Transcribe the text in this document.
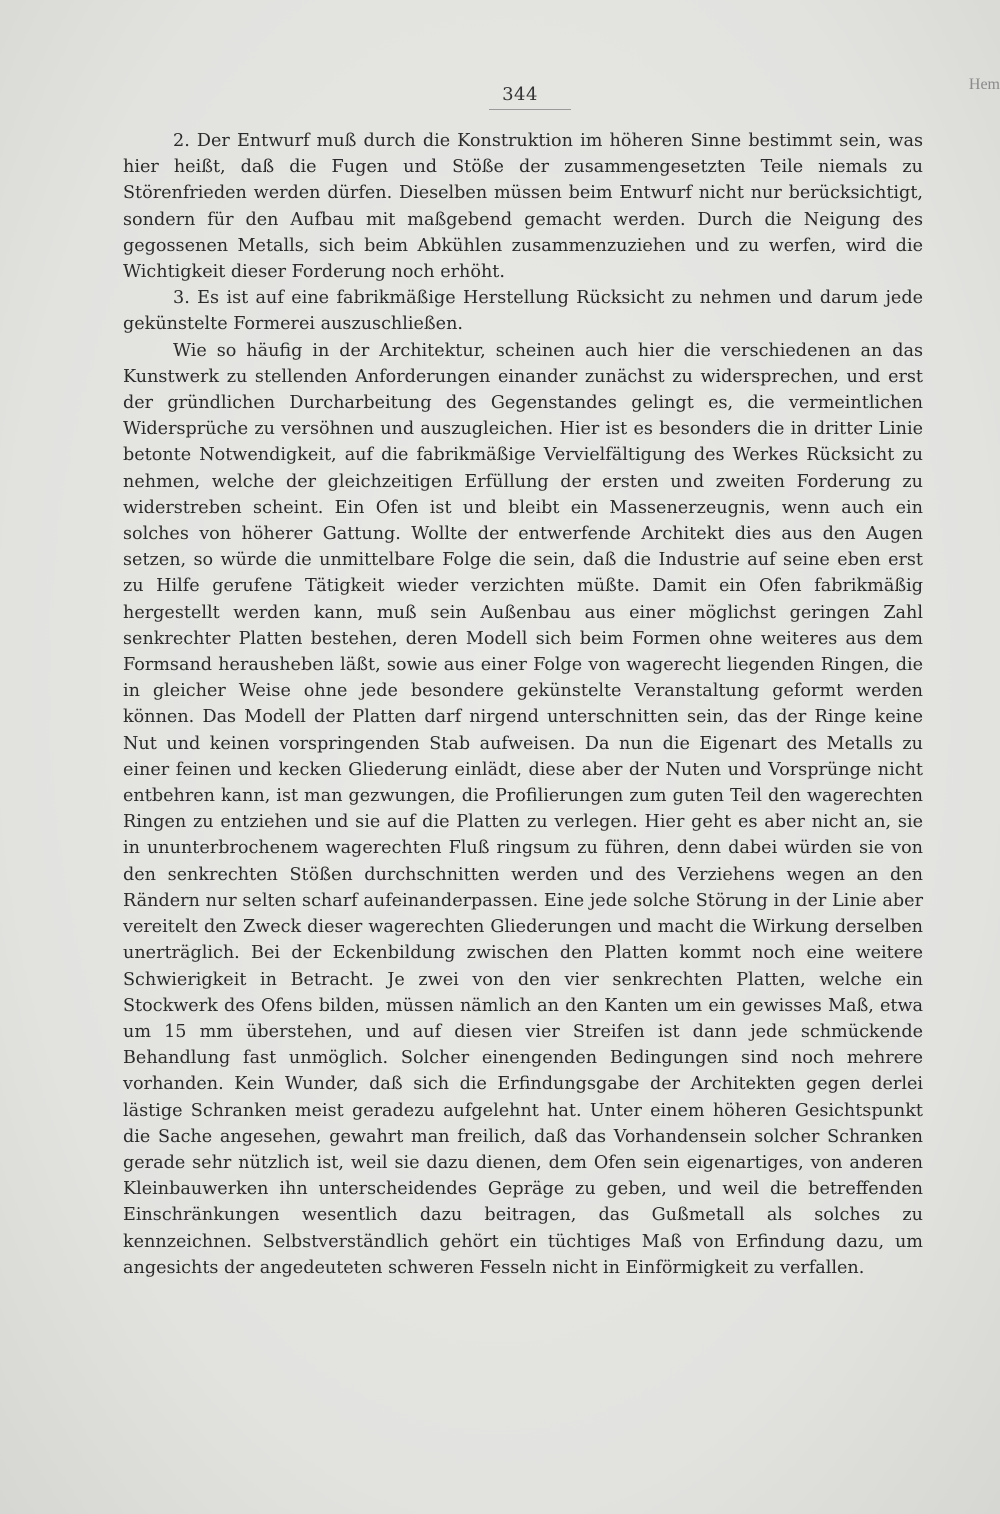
Hem
344

2. Der Entwurf muß durch die Konstruktion im höheren Sinne bestimmt sein, was hier heißt, daß die Fugen und Stöße der zusammengesetzten Teile niemals zu Störenfrieden werden dürfen. Dieselben müssen beim Entwurf nicht nur berücksichtigt, sondern für den Aufbau mit maßgebend gemacht werden. Durch die Neigung des gegossenen Metalls, sich beim Abkühlen zusammenzuziehen und zu werfen, wird die Wichtigkeit dieser Forderung noch erhöht.

3. Es ist auf eine fabrikmäßige Herstellung Rücksicht zu nehmen und darum jede gekünstelte Formerei auszuschließen.

Wie so häufig in der Architektur, scheinen auch hier die verschiedenen an das Kunstwerk zu stellenden Anforderungen einander zunächst zu widersprechen, und erst der gründlichen Durcharbeitung des Gegenstandes gelingt es, die vermeintlichen Widersprüche zu versöhnen und auszugleichen. Hier ist es besonders die in dritter Linie betonte Notwendigkeit, auf die fabrikmäßige Vervielfältigung des Werkes Rücksicht zu nehmen, welche der gleichzeitigen Erfüllung der ersten und zweiten Forderung zu widerstreben scheint. Ein Ofen ist und bleibt ein Massenerzeugnis, wenn auch ein solches von höherer Gattung. Wollte der entwerfende Architekt dies aus den Augen setzen, so würde die unmittelbare Folge die sein, daß die Industrie auf seine eben erst zu Hilfe gerufene Tätigkeit wieder verzichten müßte. Damit ein Ofen fabrikmäßig hergestellt werden kann, muß sein Außenbau aus einer möglichst geringen Zahl senkrechter Platten bestehen, deren Modell sich beim Formen ohne weiteres aus dem Formsand herausheben läßt, sowie aus einer Folge von wagerecht liegenden Ringen, die in gleicher Weise ohne jede besondere gekünstelte Veranstaltung geformt werden können. Das Modell der Platten darf nirgend unterschnitten sein, das der Ringe keine Nut und keinen vorspringenden Stab aufweisen. Da nun die Eigenart des Metalls zu einer feinen und kecken Gliederung einlädt, diese aber der Nuten und Vorsprünge nicht entbehren kann, ist man gezwungen, die Profilierungen zum guten Teil den wagerechten Ringen zu entziehen und sie auf die Platten zu verlegen. Hier geht es aber nicht an, sie in ununterbrochenem wagerechten Fluß ringsum zu führen, denn dabei würden sie von den senkrechten Stößen durchschnitten werden und des Verziehens wegen an den Rändern nur selten scharf aufeinanderpassen. Eine jede solche Störung in der Linie aber vereitelt den Zweck dieser wagerechten Gliederungen und macht die Wirkung derselben unerträglich. Bei der Eckenbildung zwischen den Platten kommt noch eine weitere Schwierigkeit in Betracht. Je zwei von den vier senkrechten Platten, welche ein Stockwerk des Ofens bilden, müssen nämlich an den Kanten um ein gewisses Maß, etwa um 15 mm überstehen, und auf diesen vier Streifen ist dann jede schmückende Behandlung fast unmöglich. Solcher einengenden Bedingungen sind noch mehrere vorhanden. Kein Wunder, daß sich die Erfindungsgabe der Architekten gegen derlei lästige Schranken meist geradezu aufgelehnt hat. Unter einem höheren Gesichtspunkt die Sache angesehen, gewahrt man freilich, daß das Vorhandensein solcher Schranken gerade sehr nützlich ist, weil sie dazu dienen, dem Ofen sein eigenartiges, von anderen Kleinbauwerken ihn unterscheidendes Gepräge zu geben, und weil die betreffenden Einschränkungen wesentlich dazu beitragen, das Gußmetall als solches zu kennzeichnen. Selbstverständlich gehört ein tüchtiges Maß von Erfindung dazu, um angesichts der angedeuteten schweren Fesseln nicht in Einförmigkeit zu verfallen.
